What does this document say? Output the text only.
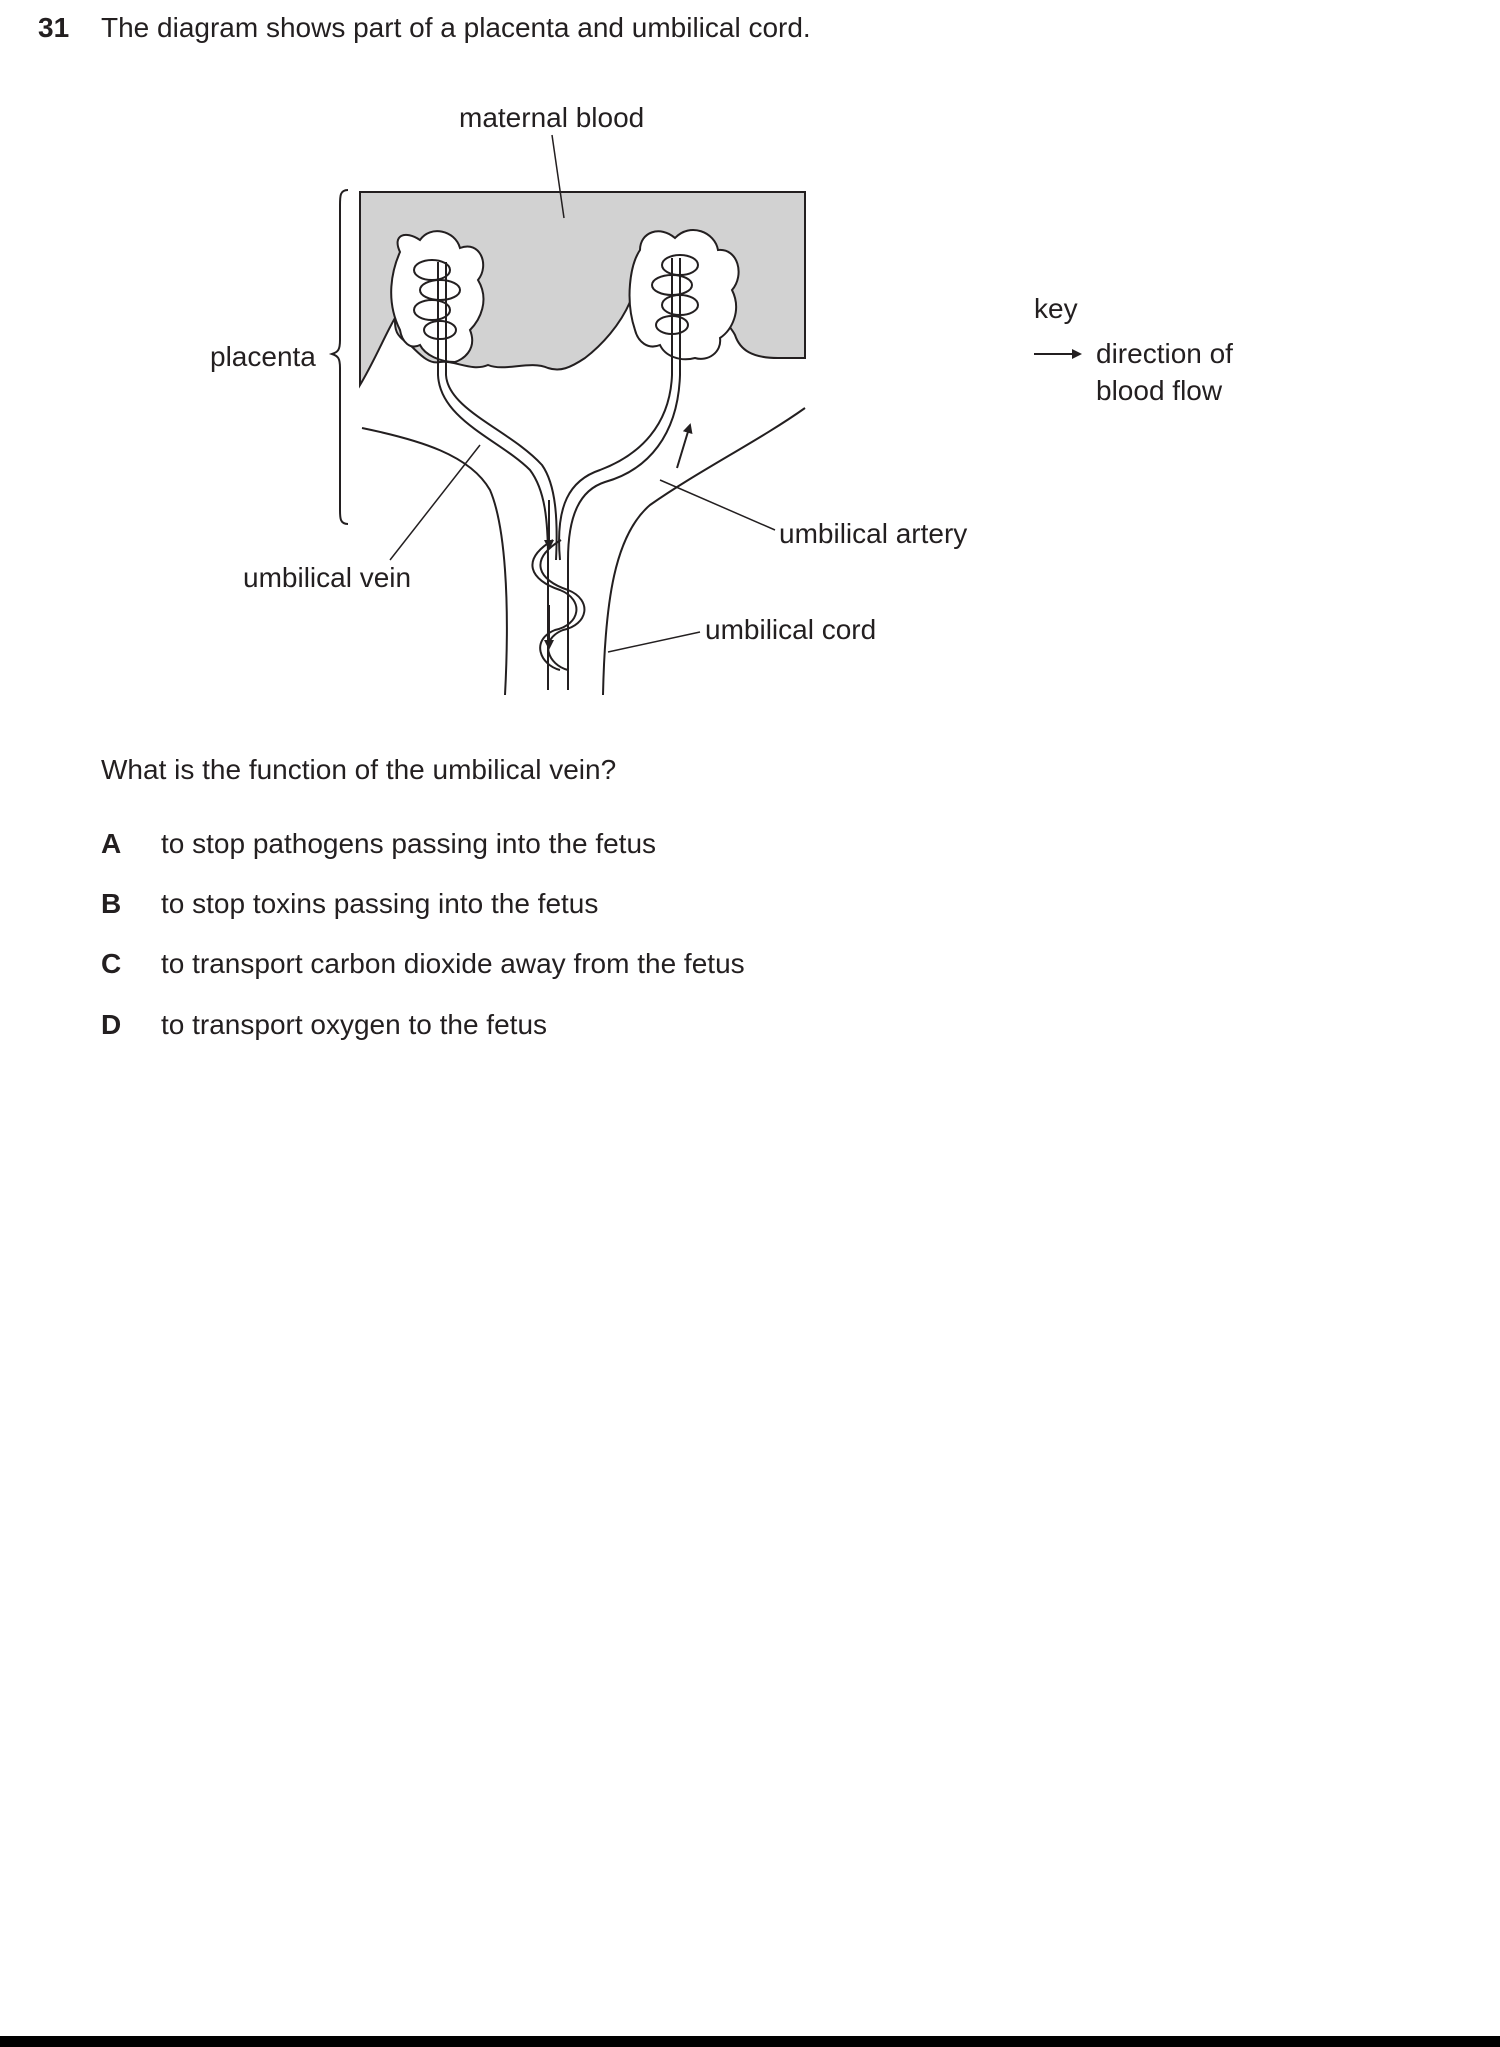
31 The diagram shows part of a placenta and umbilical cord.
maternal blood
placenta
umbilical artery
umbilical vein
umbilical cord
key
direction of
blood flow
What is the function of the umbilical vein?
A to stop pathogens passing into the fetus
B to stop toxins passing into the fetus
C to transport carbon dioxide away from the fetus
D to transport oxygen to the fetus
